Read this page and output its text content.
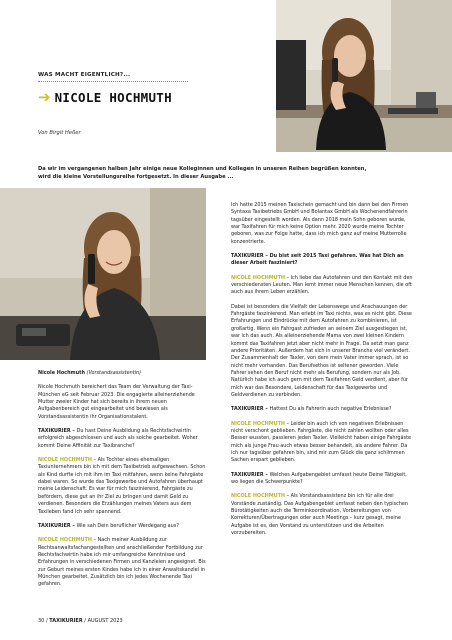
WAS MACHT EIGENTLICH?...
➔ NICOLE HOCHMUTH
Von Birgit Heßer
Da wir im vergangenen halben Jahr einige neue Kolleginnen und Kollegen in unseren Reihen begrüßen konnten, wird die kleine Vorstellungsreihe fortgesetzt. In dieser Ausgabe ...

Ich hatte 2015 meinen Taxischein gemacht und bin dann bei den Firmen Syntaxa Taxibetriebs GmbH und Bolantax GmbH als Wochenendfahrerin tagsüber eingestellt worden. Als dann 2018 mein Sohn geboren wurde, war Taxifahren für mich keine Option mehr. 2020 wurde meine Tochter geboren, was zur Folge hatte, dass ich mich ganz auf meine Mutterrolle konzentrierte.

TAXIKURIER – Du bist seit 2015 Taxi gefahren. Was hat Dich an dieser Arbeit fasziniert?

NICOLE HOCHMUTH – Ich liebe das Autofahren und den Kontakt mit den verschiedensten Leuten. Man lernt immer neue Menschen kennen, die oft auch aus ihrem Leben erzählen.

Dabei ist besonders die Vielfalt der Lebenswege und Anschauungen der Fahrgäste faszinierend. Man erlebt im Taxi nichts, was es nicht gibt. Diese Erfahrungen und Eindrücke mit dem Autofahren zu kombinieren, ist großartig. Wenn ein Fahrgast zufrieden an seinem Ziel ausgestiegen ist, war ich das auch. Als alleinerziehende Mama von zwei kleinen Kindern kommt das Taxifahren jetzt aber nicht mehr in Frage. Da setzt man ganz andere Prioritäten. Außerdem hat sich in unserer Branche viel verändert. Der Zusammenhalt der Taxler, von dem mein Vater immer sprach, ist so nicht mehr vorhanden. Das Berufsethos ist seltener geworden. Viele Fahrer sehen den Beruf nicht mehr als Berufung, sondern nur als Job. Natürlich habe ich auch gern mit dem Taxifahren Geld verdient, aber für mich war das Besondere, Leidenschaft für das Taxigewerbe und Geldverdienen zu verbinden.

TAXIKURIER – Hattest Du als Fahrerin auch negative Erlebnisse?

NICOLE HOCHMUTH – Leider bin auch ich von negativen Erlebnissen nicht verschont geblieben. Fahrgäste, die nicht zahlen wollten oder alles Besser wussten, passieren jeden Taxler. Vielleicht haben einige Fahrgäste mich als junge Frau auch etwas besser behandelt, als andere Fahrer. Da ich nur tagsüber gefahren bin, sind mir zum Glück die ganz schlimmen Sachen erspart geblieben.

TAXIKURIER – Welches Aufgabengebiet umfasst heute Deine Tätigkeit, wo liegen die Schwerpunkte?

NICOLE HOCHMUTH – Als Vorstandsassistenz bin ich für alle drei Vorstände zuständig. Das Aufgabengebiet umfasst neben den typischen Bürotätigkeiten auch die Terminkoordination, Vorbereitungen von Korrekturen/Übertragungen oder auch Meetings – kurz gesagt, meine Aufgabe ist es, den Vorstand zu unterstützen und die Arbeiten vorzubereiten.

Nicole Hochmuth (Vorstandsassistentin)

Nicole Hochmuth bereichert das Team der Verwaltung der Taxi-München eG seit Februar 2023. Die engagierte alleinerziehende Mutter zweier Kinder hat sich bereits in ihrem neuen Aufgabenbereich gut eingearbeitet und bewiesen als Vorstandsassistentin ihr Organisationstalent.

TAXIKURIER – Du hast Deine Ausbildung als Rechtsfachwirtin erfolgreich abgeschlossen und auch als solche gearbeitet. Woher kommt Deine Affinität zur Taxibranche?

NICOLE HOCHMUTH – Als Tochter eines ehemaligen Taxiunternehmers bin ich mit dem Taxibetrieb aufgewachsen. Schon als Kind durfte ich mit ihm im Taxi mitfahren, wenn keine Fahrgäste dabei waren. So wurde das Taxigewerbe und Autofahren überhaupt meine Leidenschaft. Es war für mich faszinierend, Fahrgäste zu befördern, diese gut an ihr Ziel zu bringen und damit Geld zu verdienen. Besonders die Erzählungen meines Vaters aus dem Taxileben fand ich sehr spannend.

TAXIKURIER – Wie sah Dein beruflicher Werdegang aus?

NICOLE HOCHMUTH – Nach meiner Ausbildung zur Rechtsanwaltsfachangestellten und anschließender Fortbildung zur Rechtsfachwirtin habe ich mir umfangreiche Kenntnisse und Erfahrungen in verschiedenen Firmen und Kanzleien angeeignet. Bis zur Geburt meines ersten Kindes habe ich in einer Anwaltskanzlei in München gearbeitet. Zusätzlich bin ich jedes Wochenende Taxi gefahren.

30 / TAXIKURIER / AUGUST 2023
